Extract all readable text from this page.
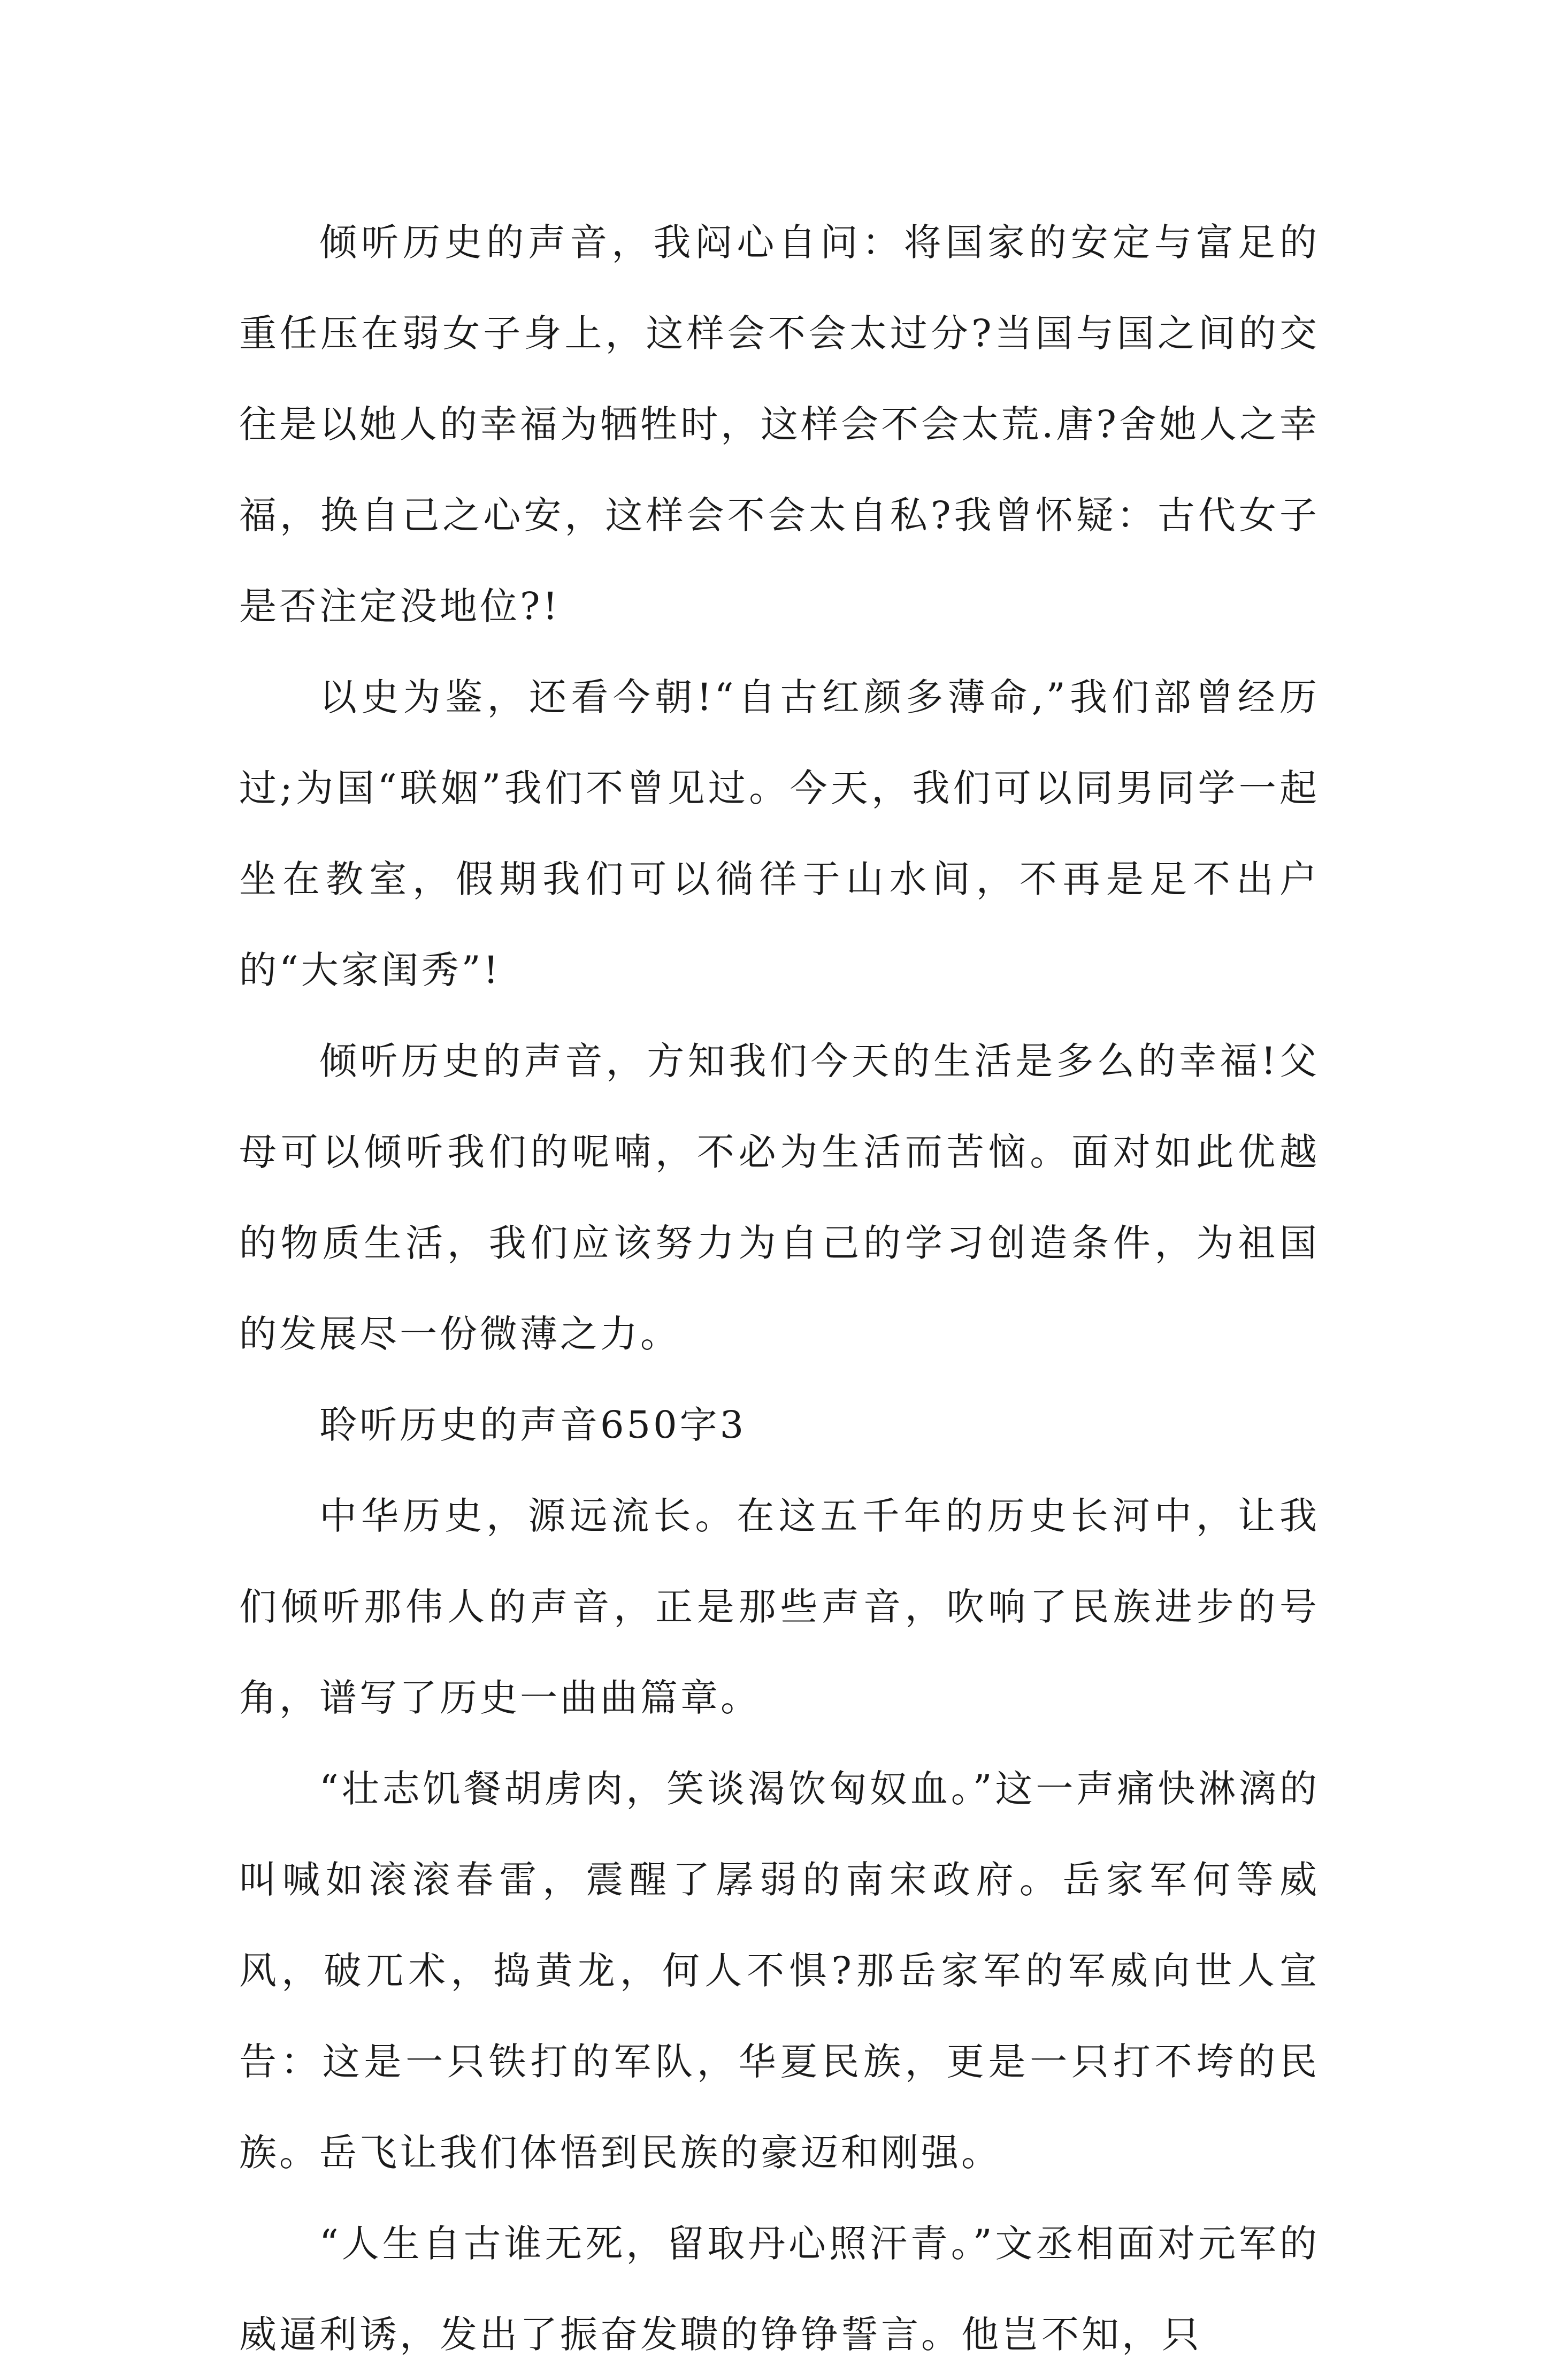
倾听历史的声音，我闷心自问：将国家的安定与富足的重任压在弱女子身上，这样会不会太过分?当国与国之间的交往是以她人的幸福为牺牲时，这样会不会太荒.唐?舍她人之幸福，换自己之心安，这样会不会太自私?我曾怀疑：古代女子是否注定没地位?!

以史为鉴，还看今朝!“自古红颜多薄命,”我们部曾经历过;为国“联姻”我们不曾见过。今天，我们可以同男同学一起坐在教室，假期我们可以徜徉于山水间，不再是足不出户的“大家闺秀”!

倾听历史的声音，方知我们今天的生活是多么的幸福!父母可以倾听我们的呢喃，不必为生活而苦恼。面对如此优越的物质生活，我们应该努力为自己的学习创造条件，为祖国的发展尽一份微薄之力。

聆听历史的声音650字3

中华历史，源远流长。在这五千年的历史长河中，让我们倾听那伟人的声音，正是那些声音，吹响了民族进步的号角，谱写了历史一曲曲篇章。

“壮志饥餐胡虏肉，笑谈渴饮匈奴血。”这一声痛快淋漓的叫喊如滚滚春雷，震醒了孱弱的南宋政府。岳家军何等威风，破兀术，捣黄龙，何人不惧?那岳家军的军威向世人宣告：这是一只铁打的军队，华夏民族，更是一只打不垮的民族。岳飞让我们体悟到民族的豪迈和刚强。

“人生自古谁无死，留取丹心照汗青。”文丞相面对元军的威逼利诱，发出了振奋发聩的铮铮誓言。他岂不知，只
